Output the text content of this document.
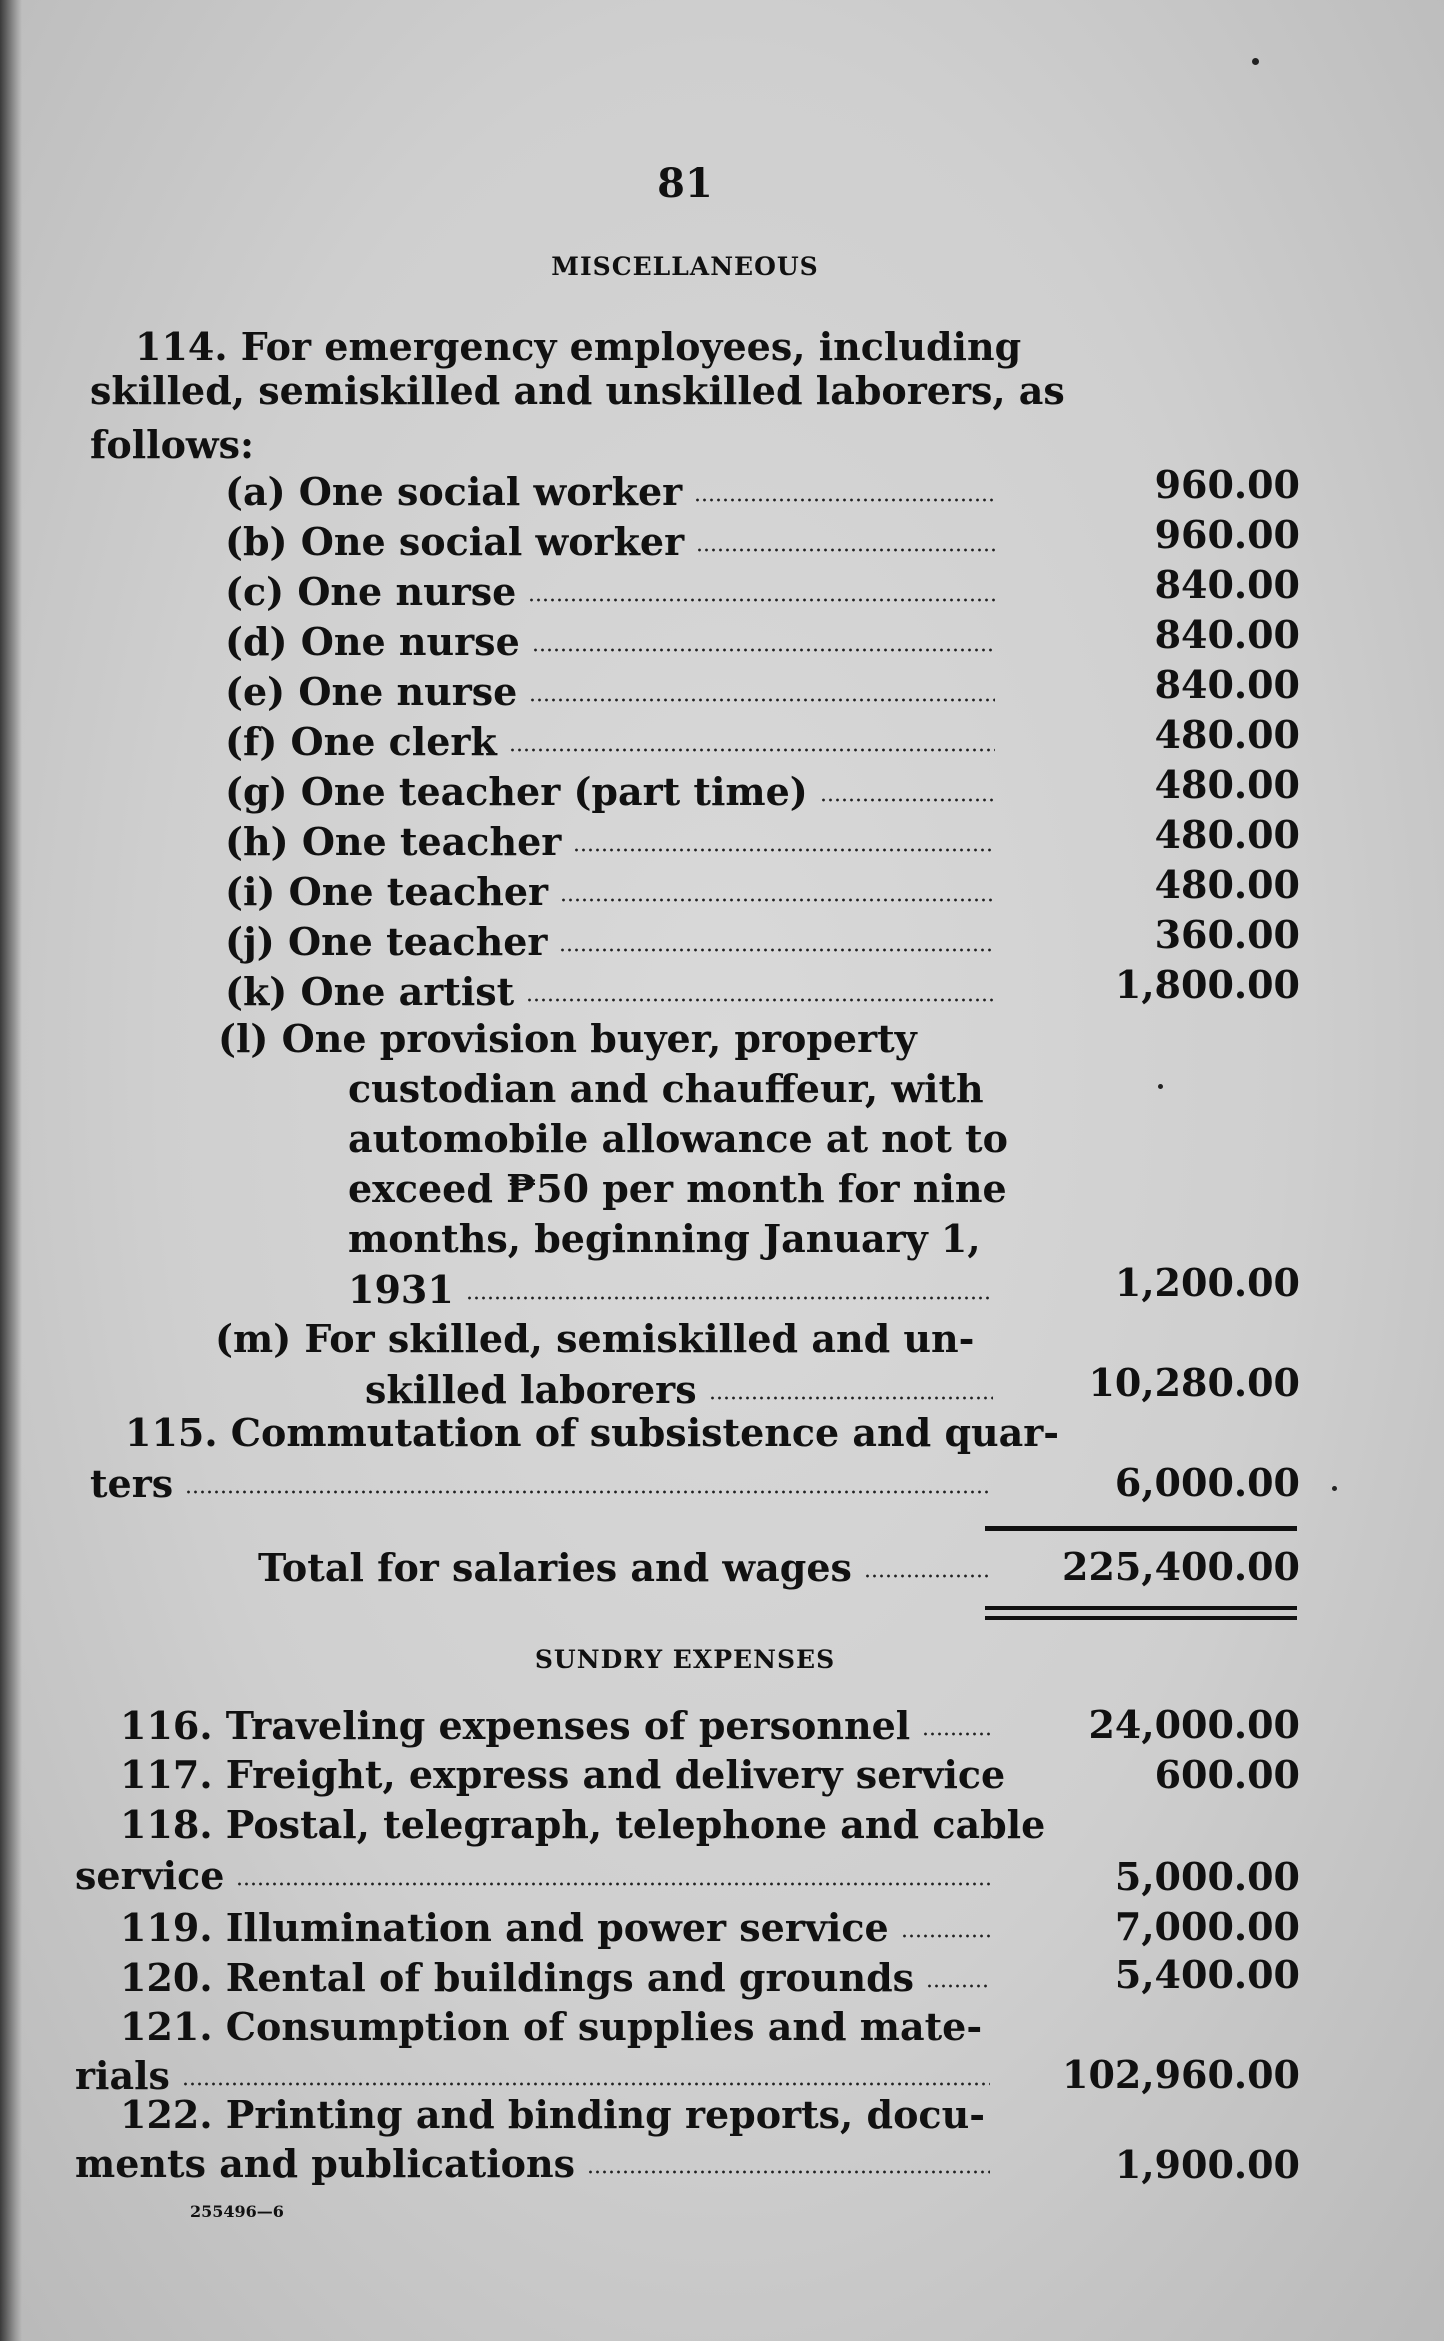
81
MISCELLANEOUS
114. For emergency employees, including
skilled, semiskilled and unskilled laborers, as
follows:
(a) One social worker	960.00
(b) One social worker	960.00
(c) One nurse	840.00
(d) One nurse	840.00
(e) One nurse	840.00
(f) One clerk	480.00
(g) One teacher (part time)	480.00
(h) One teacher	480.00
(i) One teacher	480.00
(j) One teacher	360.00
(k) One artist	1,800.00
(l) One provision buyer, property
custodian and chauffeur, with
automobile allowance at not to
exceed ₱50 per month for nine
months, beginning January 1,
1931	1,200.00
(m) For skilled, semiskilled and un-
skilled laborers	10,280.00
115. Commutation of subsistence and quar-
ters	6,000.00
Total for salaries and wages	225,400.00
SUNDRY EXPENSES
116. Traveling expenses of personnel	24,000.00
117. Freight, express and delivery service	600.00
118. Postal, telegraph, telephone and cable
service	5,000.00
119. Illumination and power service	7,000.00
120. Rental of buildings and grounds	5,400.00
121. Consumption of supplies and mate-
rials	102,960.00
122. Printing and binding reports, docu-
ments and publications	1,900.00
255496—6
